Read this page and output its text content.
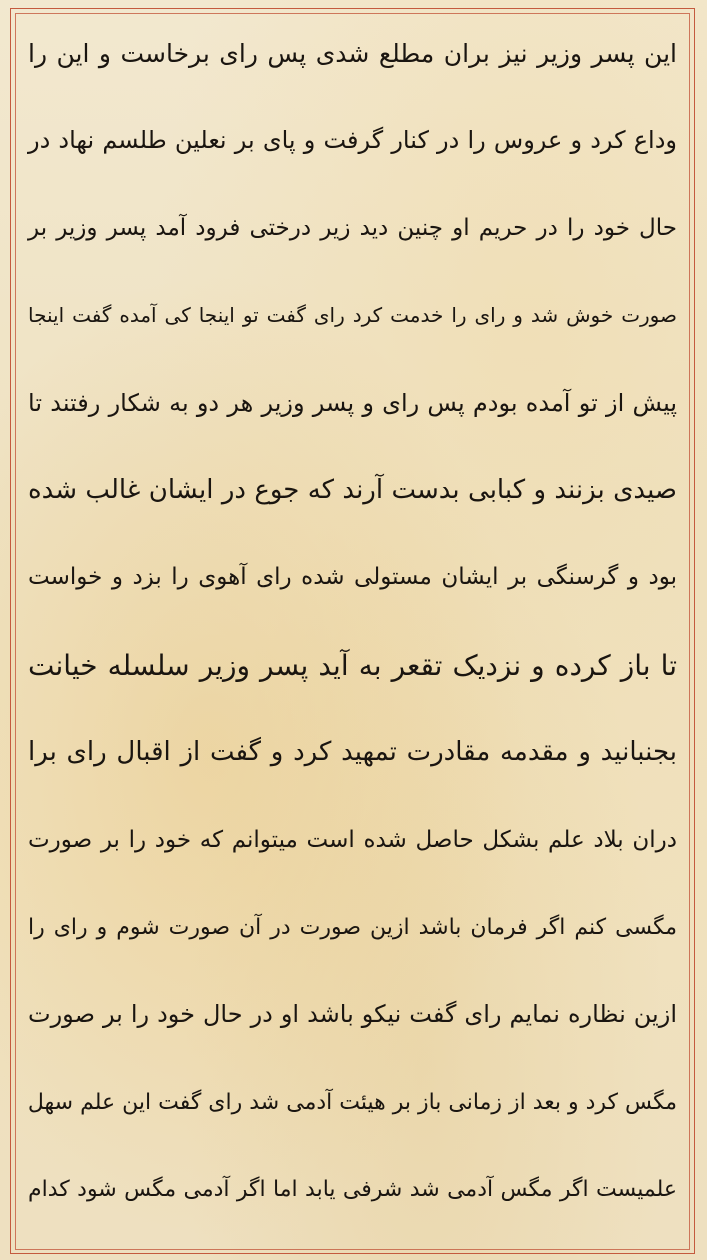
این پسر وزیر نیز بران مطلع شدی پس رای برخاست و این را
وداع کرد و عروس را در کنار گرفت و پای بر نعلین طلسم نهاد در
حال خود را در حریم او چنین دید زیر درختی فرود آمد پسر وزیر بر
صورت خوش شد و رای را خدمت کرد رای گفت تو اینجا کی آمده گفت اینجا
پیش از تو آمده بودم پس رای و پسر وزیر هر دو به شکار رفتند تا
صیدی بزنند و کبابی بدست آرند که جوع در ایشان غالب شده
بود و گرسنگی بر ایشان مستولی شده رای آهوی را بزد و خواست
تا باز کرده و نزدیک تقعر به آید پسر وزیر سلسله خیانت
بجنبانید و مقدمه مقادرت تمهید کرد و گفت از اقبال رای برا
دران بلاد علم بشکل حاصل شده است میتوانم که خود را بر صورت
مگسی کنم اگر فرمان باشد ازین صورت در آن صورت شوم و رای را
ازین نظاره نمایم رای گفت نیکو باشد او در حال خود را بر صورت
مگس کرد و بعد از زمانی باز بر هیئت آدمی شد رای گفت این علم سهل
علمیست اگر مگس آدمی شد شرفی یابد اما اگر آدمی مگس شود کدام
